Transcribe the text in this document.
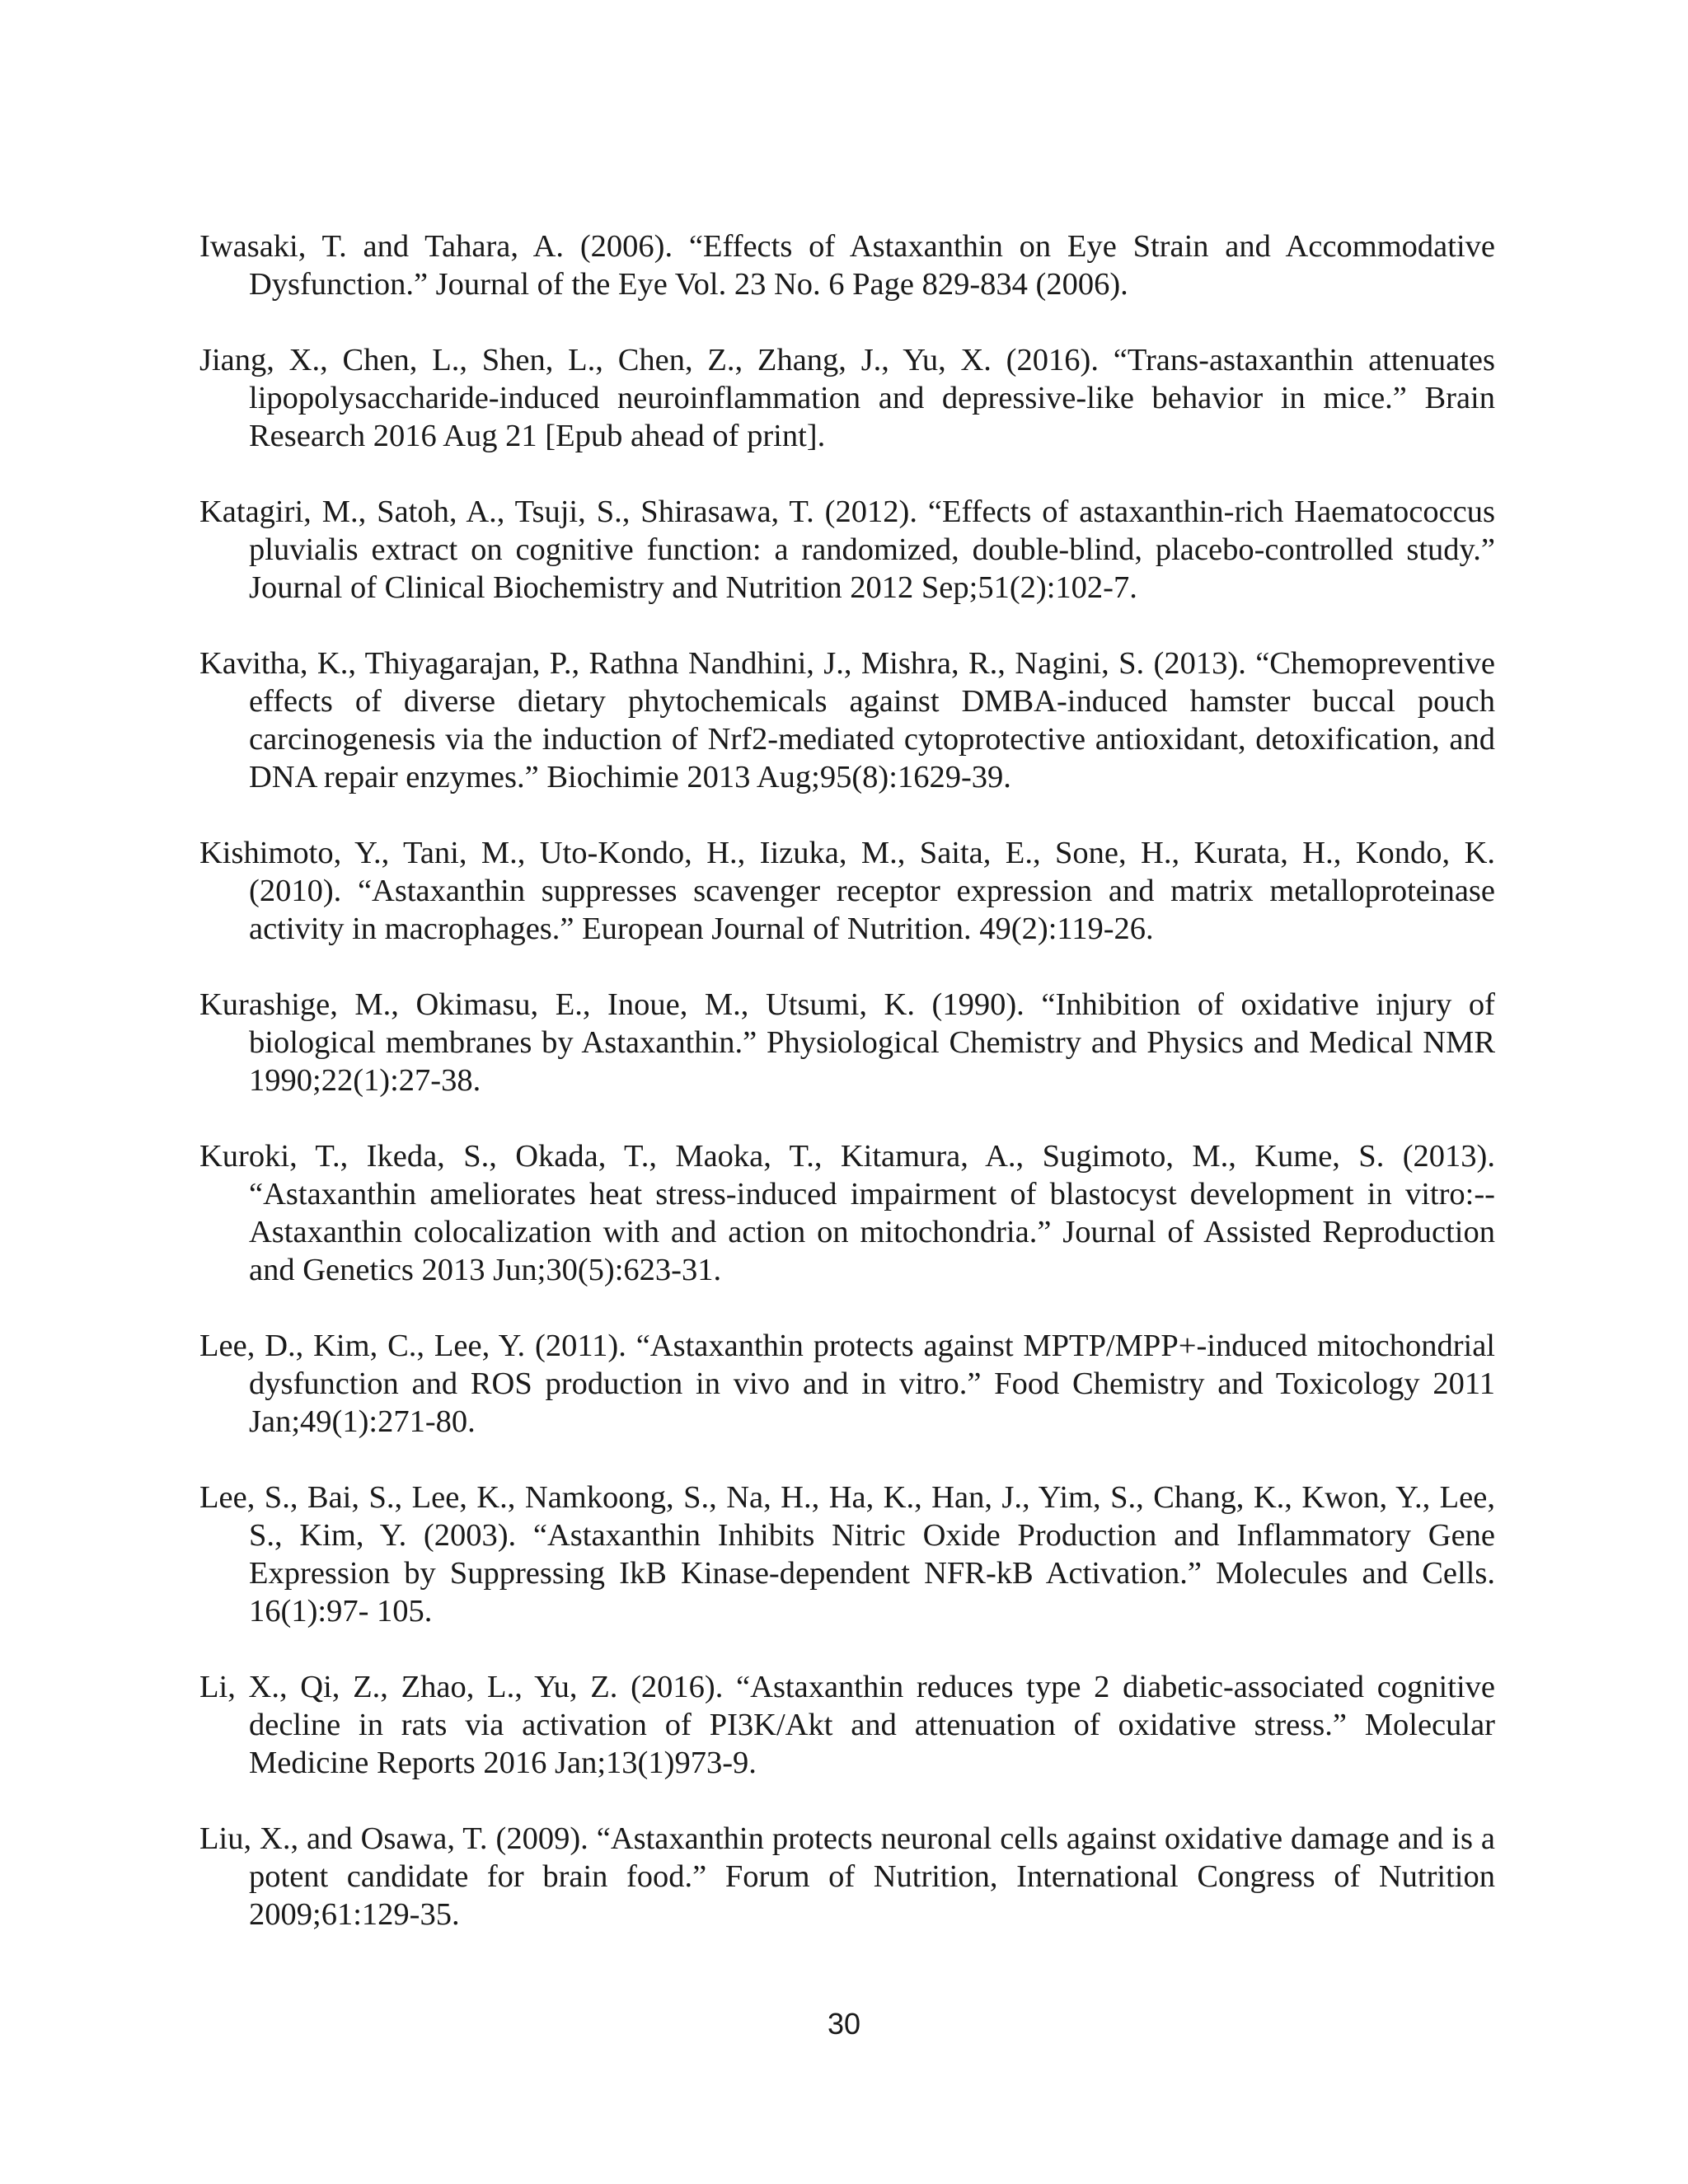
Iwasaki, T. and Tahara, A. (2006). “Effects of Astaxanthin on Eye Strain and Accommodative Dysfunction.” Journal of the Eye Vol. 23 No. 6 Page 829-834 (2006).
Jiang, X., Chen, L., Shen, L., Chen, Z., Zhang, J., Yu, X. (2016). “Trans-astaxanthin attenuates lipopolysaccharide-induced neuroinflammation and depressive-like behavior in mice.” Brain Research 2016 Aug 21 [Epub ahead of print].
Katagiri, M., Satoh, A., Tsuji, S., Shirasawa, T. (2012). “Effects of astaxanthin-rich Haematococcus pluvialis extract on cognitive function: a randomized, double-blind, placebo-controlled study.” Journal of Clinical Biochemistry and Nutrition 2012 Sep;51(2):102-7.
Kavitha, K., Thiyagarajan, P., Rathna Nandhini, J., Mishra, R., Nagini, S. (2013). “Chemopreventive effects of diverse dietary phytochemicals against DMBA-induced hamster buccal pouch carcinogenesis via the induction of Nrf2-mediated cytoprotective antioxidant, detoxification, and DNA repair enzymes.” Biochimie 2013 Aug;95(8):1629-39.
Kishimoto, Y., Tani, M., Uto-Kondo, H., Iizuka, M., Saita, E., Sone, H., Kurata, H., Kondo, K. (2010). “Astaxanthin suppresses scavenger receptor expression and matrix metalloproteinase activity in macrophages.” European Journal of Nutrition. 49(2):119-26.
Kurashige, M., Okimasu, E., Inoue, M., Utsumi, K. (1990). “Inhibition of oxidative injury of biological membranes by Astaxanthin.” Physiological Chemistry and Physics and Medical NMR 1990;22(1):27-38.
Kuroki, T., Ikeda, S., Okada, T., Maoka, T., Kitamura, A., Sugimoto, M., Kume, S. (2013). “Astaxanthin ameliorates heat stress-induced impairment of blastocyst development in vitro:--Astaxanthin colocalization with and action on mitochondria.” Journal of Assisted Reproduction and Genetics 2013 Jun;30(5):623-31.
Lee, D., Kim, C., Lee, Y. (2011). “Astaxanthin protects against MPTP/MPP+-induced mitochondrial dysfunction and ROS production in vivo and in vitro.” Food Chemistry and Toxicology 2011 Jan;49(1):271-80.
Lee, S., Bai, S., Lee, K., Namkoong, S., Na, H., Ha, K., Han, J., Yim, S., Chang, K., Kwon, Y., Lee, S., Kim, Y. (2003). “Astaxanthin Inhibits Nitric Oxide Production and Inflammatory Gene Expression by Suppressing IkB Kinase-dependent NFR-kB Activation.” Molecules and Cells. 16(1):97- 105.
Li, X., Qi, Z., Zhao, L., Yu, Z. (2016). “Astaxanthin reduces type 2 diabetic-associated cognitive decline in rats via activation of PI3K/Akt and attenuation of oxidative stress.” Molecular Medicine Reports 2016 Jan;13(1)973-9.
Liu, X., and Osawa, T. (2009). “Astaxanthin protects neuronal cells against oxidative damage and is a potent candidate for brain food.” Forum of Nutrition, International Congress of Nutrition 2009;61:129-35.
30
